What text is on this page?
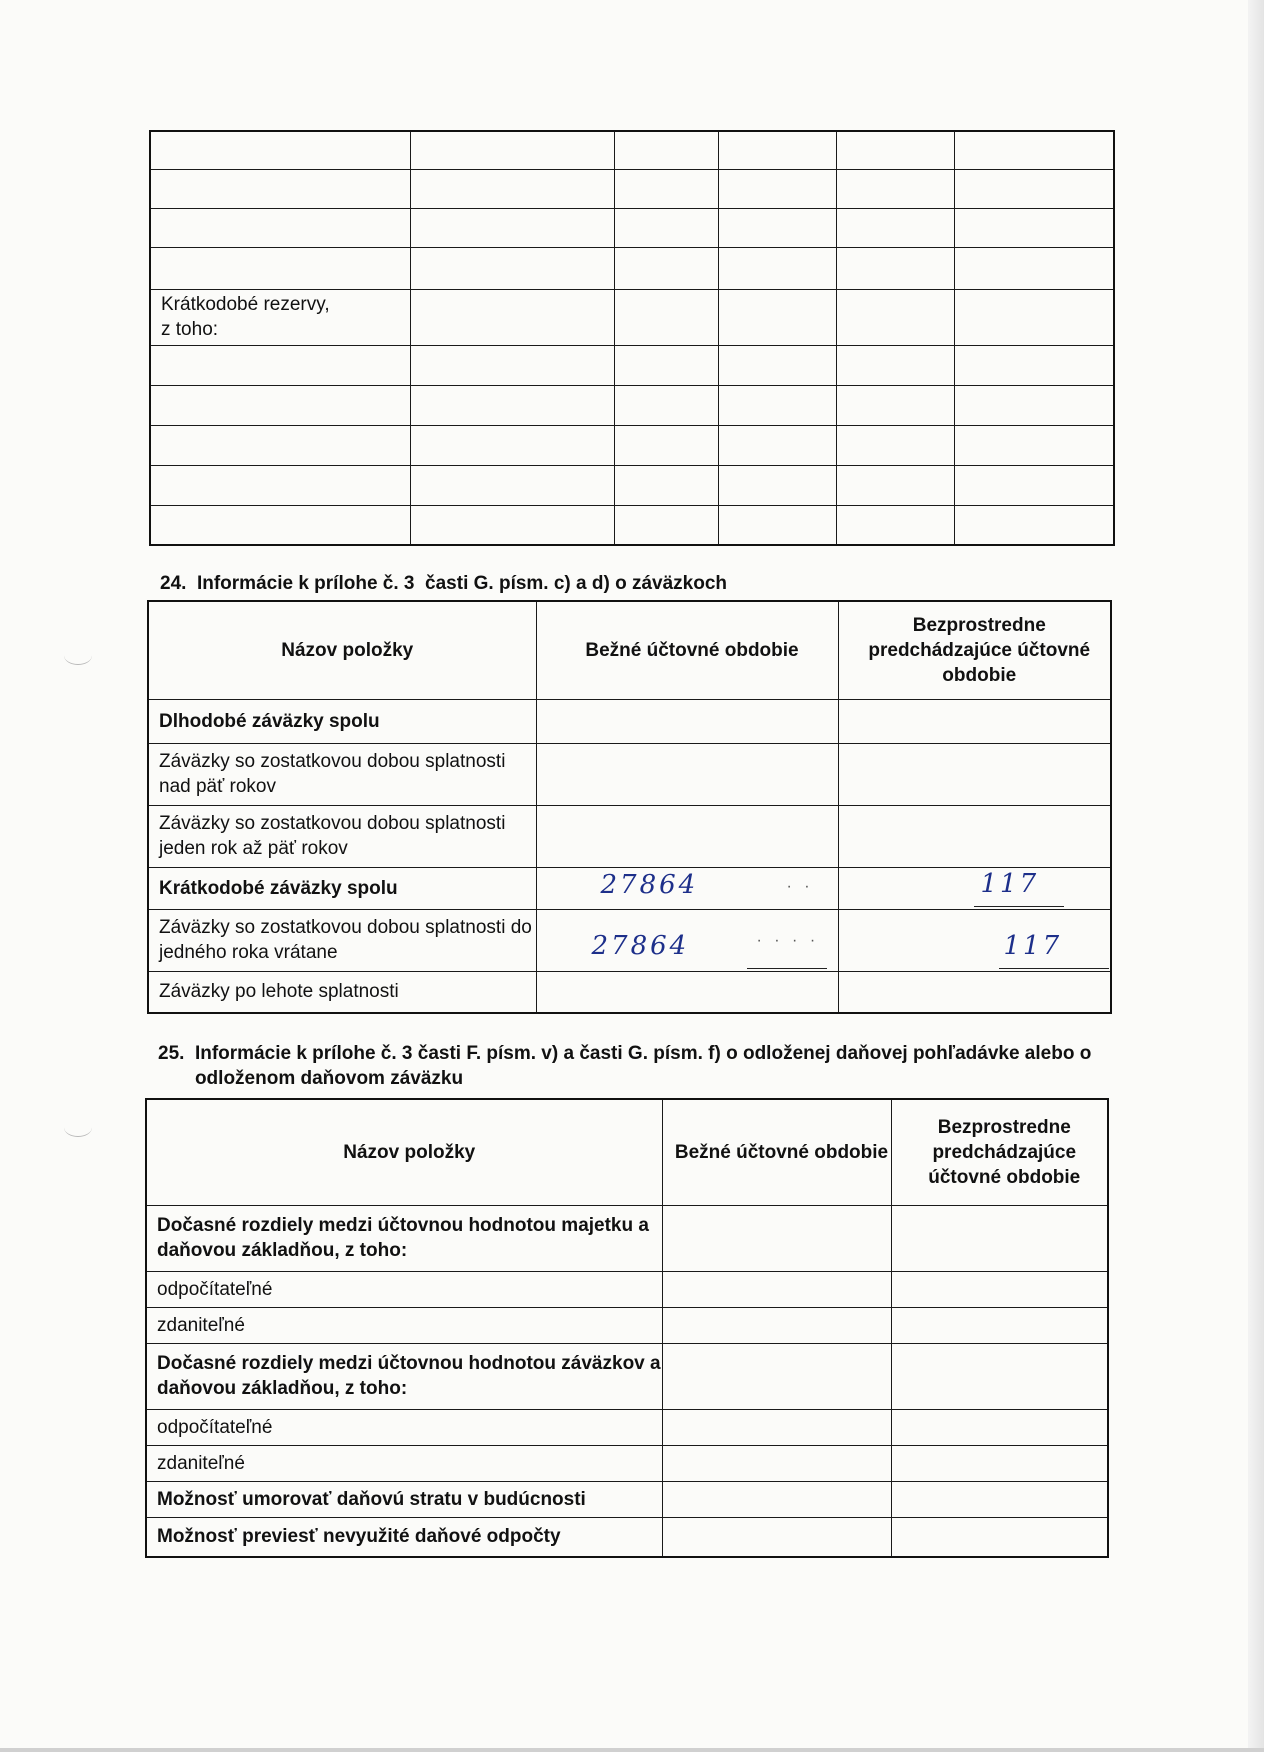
Krátkodobé rezervy,
z toho:					

24.  Informácie k prílohe č. 3  časti G. písm. c) a d) o záväzkoch
Názov položky	Bežné účtovné obdobie	Bezprostredne predchádzajúce účtovné obdobie
Dlhodobé záväzky spolu		
Záväzky so zostatkovou dobou splatnosti nad päť rokov		
Záväzky so zostatkovou dobou splatnosti jeden rok až päť rokov		
Krátkodobé záväzky spolu	27864 · ·	117

Záväzky so zostatkovou dobou splatnosti do jedného roka vrátane	27864 · · · ·	117

Záväzky po lehote splatnosti		
25.  Informácie k prílohe č. 3 časti F. písm. v) a časti G. písm. f) o odloženej daňovej pohľadávke alebo o
odloženom daňovom záväzku
Názov položky	Bežné účtovné obdobie	Bezprostredne predchádzajúce účtovné obdobie
Dočasné rozdiely medzi účtovnou hodnotou majetku a daňovou základňou, z toho:		
odpočítateľné		
zdaniteľné		
Dočasné rozdiely medzi účtovnou hodnotou záväzkov a daňovou základňou, z toho:		
odpočítateľné		
zdaniteľné		
Možnosť umorovať daňovú stratu v budúcnosti		
Možnosť previesť nevyužité daňové odpočty		
